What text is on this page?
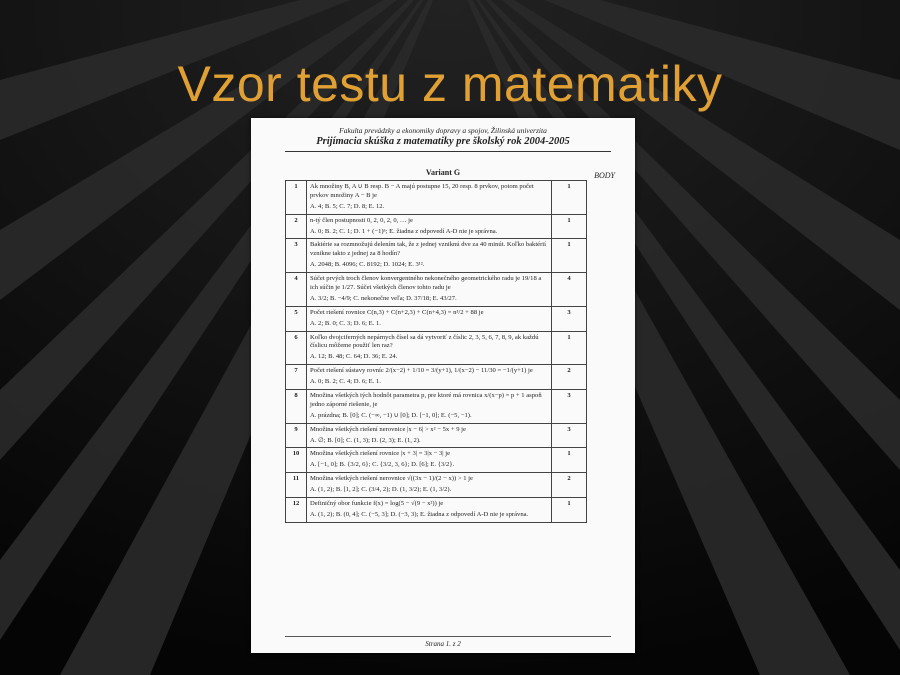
Vzor testu z matematiky
Fakulta prevádzky a ekonomiky dopravy a spojov, Žilinská univerzita
Prijímacia skúška z matematiky pre školský rok 2004-2005
Variant G	BODY
1	Ak množiny B, A ∪ B resp. B − A majú postupne 15, 20 resp. 8 prvkov, potom počet prvkov množiny A − B je
A. 4; B. 5; C. 7; D. 8; E. 12.	1
2	n-tý člen postupnosti 0, 2, 0, 2, 0, … je
A. 0; B. 2; C. 1; D. 1 + (−1)ⁿ; E. žiadna z odpovedí A-D nie je správna.	1
3	Baktérie sa rozmnožujú delením tak, že z jednej vzniknú dve za 40 minút. Koľko baktérií vznikne takto z jednej za 8 hodín?
A. 2048; B. 4096; C. 8192; D. 1024; E. 3¹².	1
4	Súčet prvých troch členov konvergentného nekonečného geometrického radu je 19/18 a ich súčin je 1/27. Súčet všetkých členov tohto radu je
A. 3/2; B. −4/9; C. nekonečne veľa; D. 37/18; E. 43/27.	4
5	Počet riešení rovnice C(n,3) + C(n+2,3) + C(n+4,3) = n³/2 + 88 je
A. 2; B. 0; C. 3; D. 6; E. 1.	3
6	Koľko dvojciferných nepárnych čísel sa dá vytvoriť z číslic 2, 3, 5, 6, 7, 8, 9, ak každú číslicu môžeme použiť len raz?
A. 12; B. 48; C. 64; D. 36; E. 24.	1
7	Počet riešení sústavy rovníc 2/(x−2) + 1/10 = 3/(y+1), 1/(x−2) − 11/30 = −1/(y+1) je
A. 0; B. 2; C. 4; D. 6; E. 1.	2
8	Množina všetkých tých hodnôt parametra p, pre ktoré má rovnica x/(x−p) = p + 1 aspoň jedno záporné riešenie, je
A. prázdna; B. [0]; C. (−∞, −1) ∪ [0]; D. [−1, 0]; E. (−5, −1).	3
9	Množina všetkých riešení nerovnice |x − 6| > x² − 5x + 9 je
A. ∅; B. [0]; C. (1, 3); D. (2, 3); E. (1, 2).	3
10	Množina všetkých riešení rovnice |x + 3| = 3|x − 3| je
A. [−1, 0]; B. {3/2, 6}; C. {3/2, 3, 6}; D. [6]; E. {3/2}.	1
11	Množina všetkých riešení nerovnice √((3x − 1)/(2 − x)) > 1 je
A. (1, 2); B. [1, 2]; C. (3/4, 2); D. (1, 3/2); E. (1, 3/2).	2
12	Definičný obor funkcie f(x) = log(5 − √(9 − x²)) je
A. (1, 2); B. (0, 4]; C. (−5, 3]; D. (−3, 3); E. žiadna z odpovedí A-D nie je správna.	1
Strana 1. z 2
